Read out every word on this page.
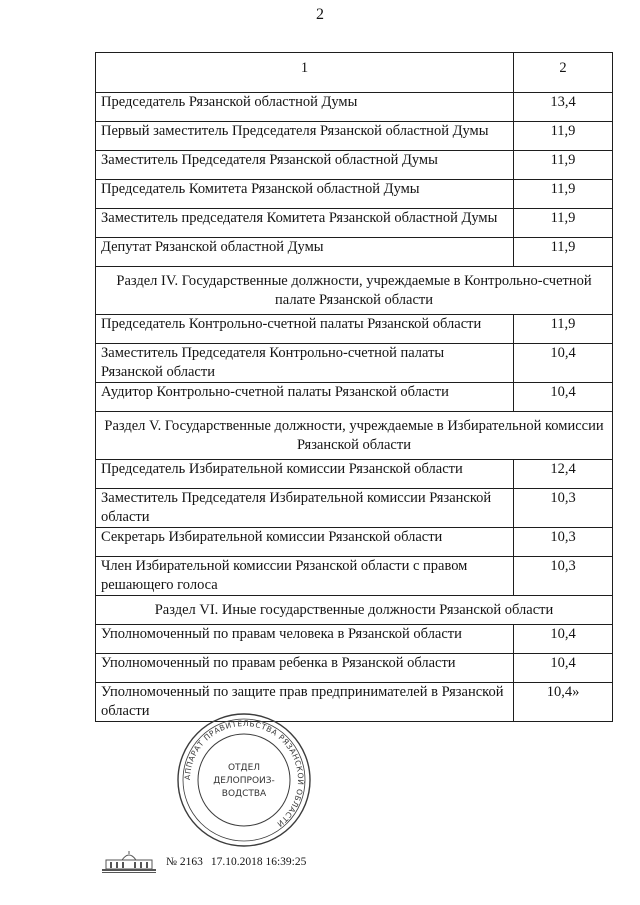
2
1	2
Председатель Рязанской областной Думы	13,4
Первый заместитель Председателя Рязанской областной Думы	11,9
Заместитель Председателя Рязанской областной Думы	11,9
Председатель Комитета Рязанской областной Думы	11,9
Заместитель председателя Комитета Рязанской областной Думы	11,9
Депутат Рязанской областной Думы	11,9
Раздел IV. Государственные должности, учреждаемые в Контрольно-счетной палате Рязанской области	
Председатель Контрольно-счетной палаты Рязанской области	11,9
Заместитель Председателя Контрольно-счетной палаты Рязанской области	10,4
Аудитор Контрольно-счетной палаты Рязанской области	10,4
Раздел V. Государственные должности, учреждаемые в Избирательной комиссии Рязанской области	
Председатель Избирательной комиссии Рязанской области	12,4
Заместитель Председателя Избирательной комиссии Рязанской области	10,3
Секретарь Избирательной комиссии Рязанской области	10,3
Член Избирательной комиссии Рязанской области с правом решающего голоса	10,3
Раздел VI. Иные государственные должности Рязанской области	
Уполномоченный по правам человека в Рязанской области	10,4
Уполномоченный по правам ребенка в Рязанской области	10,4
Уполномоченный по защите прав предпринимателей в Рязанской области	10,4»
АППАРАТ ПРАВИТЕЛЬСТВА РЯЗАНСКОЙ ОБЛАСТИ
ОТДЕЛ
ДЕЛОПРОИЗ-
ВОДСТВА
№ 2163 17.10.2018 16:39:25
